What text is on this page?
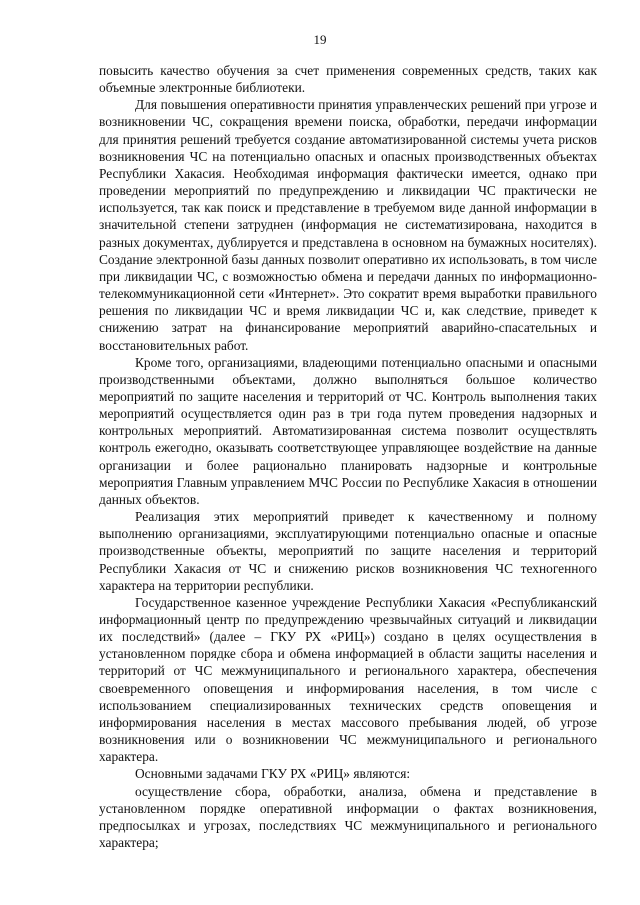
19

повысить качество обучения за счет применения современных средств, таких как объемные электронные библиотеки.

Для повышения оперативности принятия управленческих решений при угрозе и возникновении ЧС, сокращения времени поиска, обработки, передачи информации для принятия решений требуется создание автоматизированной системы учета рисков возникновения ЧС на потенциально опасных и опасных производственных объектах Республики Хакасия. Необходимая информация фактически имеется, однако при проведении мероприятий по предупреждению и ликвидации ЧС практически не используется, так как поиск и представление в требуемом виде данной информации в значительной степени затруднен (информация не систематизирована, находится в разных документах, дублируется и представлена в основном на бумажных носителях). Создание электронной базы данных позволит оперативно их использовать, в том числе при ликвидации ЧС, с возможностью обмена и передачи данных по информационно-телекоммуникационной сети «Интернет». Это сократит время выработки правильного решения по ликвидации ЧС и время ликвидации ЧС и, как следствие, приведет к снижению затрат на финансирование мероприятий аварийно-спасательных и восстановительных работ.

Кроме того, организациями, владеющими потенциально опасными и опасными производственными объектами, должно выполняться большое количество мероприятий по защите населения и территорий от ЧС. Контроль выполнения таких мероприятий осуществляется один раз в три года путем проведения надзорных и контрольных мероприятий. Автоматизированная система позволит осуществлять контроль ежегодно, оказывать соответствующее управляющее воздействие на данные организации и более рационально планировать надзорные и контрольные мероприятия Главным управлением МЧС России по Республике Хакасия в отношении данных объектов.

Реализация этих мероприятий приведет к качественному и полному выполнению организациями, эксплуатирующими потенциально опасные и опасные производственные объекты, мероприятий по защите населения и территорий Республики Хакасия от ЧС и снижению рисков возникновения ЧС техногенного характера на территории республики.

Государственное казенное учреждение Республики Хакасия «Республиканский информационный центр по предупреждению чрезвычайных ситуаций и ликвидации их последствий» (далее – ГКУ РХ «РИЦ») создано в целях осуществления в установленном порядке сбора и обмена информацией в области защиты населения и территорий от ЧС межмуниципального и регионального характера, обеспечения своевременного оповещения и информирования населения, в том числе с использованием специализированных технических средств оповещения и информирования населения в местах массового пребывания людей, об угрозе возникновения или о возникновении ЧС межмуниципального и регионального характера.

Основными задачами ГКУ РХ «РИЦ» являются:

осуществление сбора, обработки, анализа, обмена и представление в установленном порядке оперативной информации о фактах возникновения, предпосылках и угрозах, последствиях ЧС межмуниципального и регионального характера;
